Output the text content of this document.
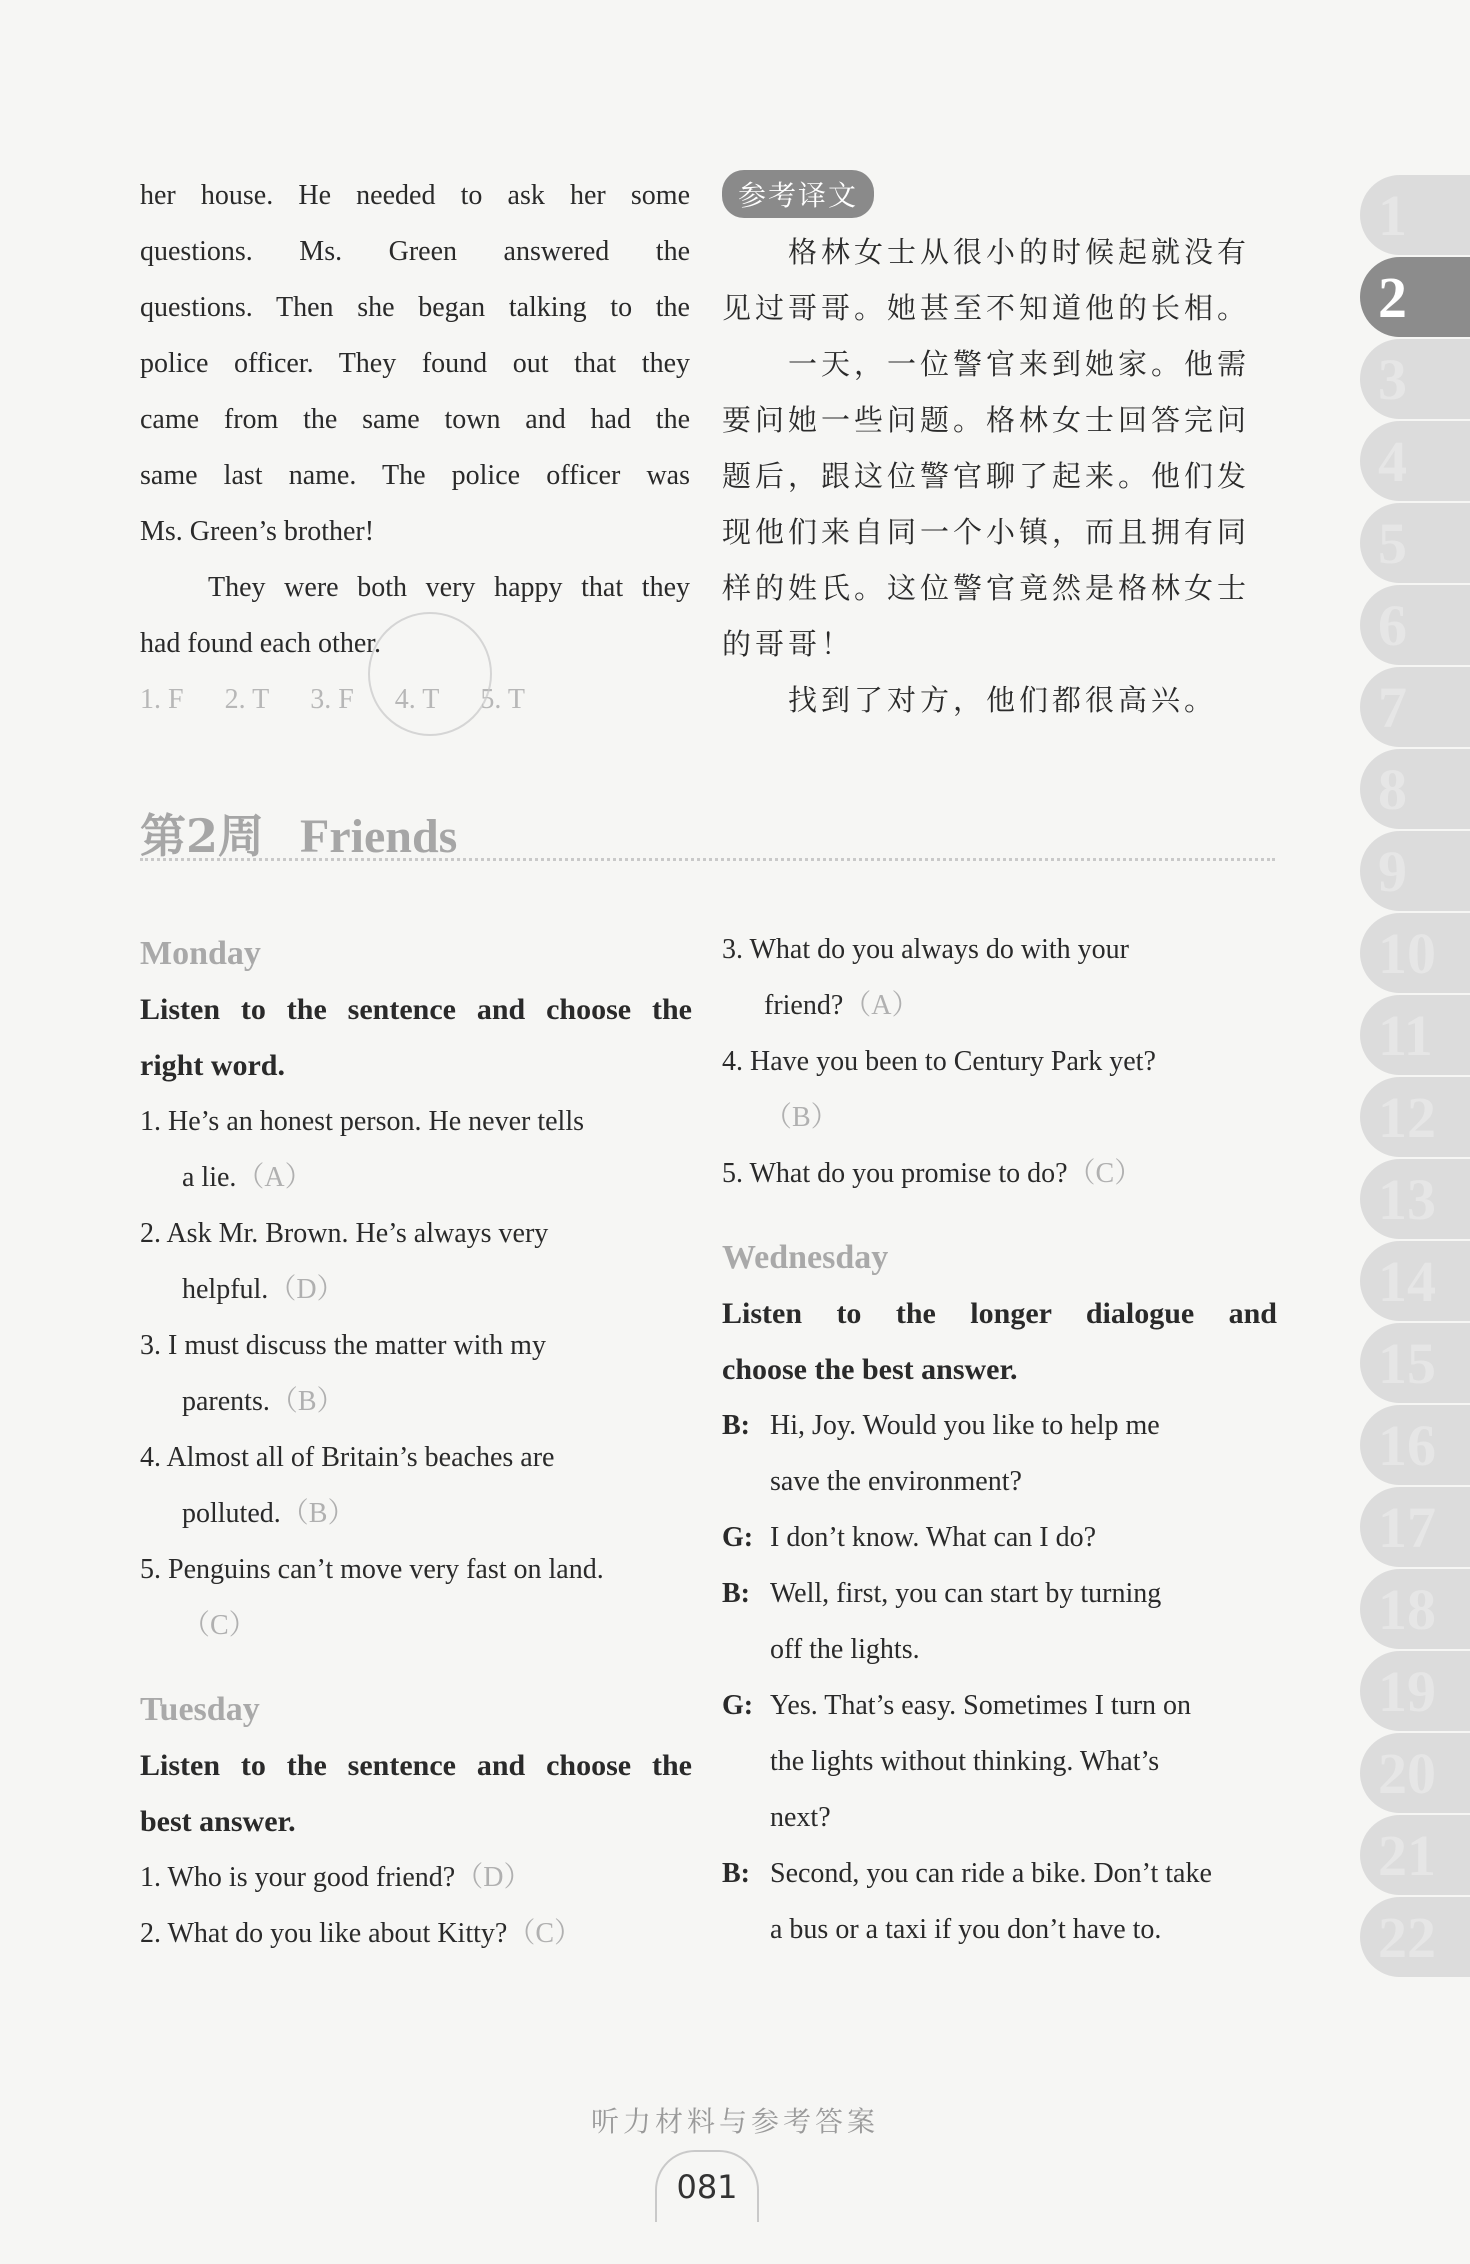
her house. He needed to ask her some

questions. Ms. Green answered the

questions. Then she began talking to the

police officer. They found out that they

came from the same town and had the

same last name. The police officer was

Ms. Green’s brother!

They were both very happy that they

had found each other.

1. F 2. T 3. F 4. T 5. T
参考译文

格林女士从很小的时候起就没有

见过哥哥。她甚至不知道他的长相。

一天，一位警官来到她家。他需

要问她一些问题。格林女士回答完问

题后，跟这位警官聊了起来。他们发

现他们来自同一个小镇，而且拥有同

样的姓氏。这位警官竟然是格林女士

的哥哥！

找到了对方，他们都很高兴。

第2周 Friends

Monday

Listen to the sentence and choose the

right word.

1. He’s an honest person. He never tells
a lie.（A）
2. Ask Mr. Brown. He’s always very
helpful.（D）
3. I must discuss the matter with my
parents.（B）
4. Almost all of Britain’s beaches are
polluted.（B）
5. Penguins can’t move very fast on land.
（C）

Tuesday

Listen to the sentence and choose the

best answer.

1. Who is your good friend?（D）
2. What do you like about Kitty?（C）
3. What do you always do with your
friend?（A）
4. Have you been to Century Park yet?
（B）
5. What do you promise to do?（C）

Wednesday

Listen to the longer dialogue and

choose the best answer.

B: Hi, Joy. Would you like to help me
save the environment?
G: I don’t know. What can I do?
B: Well, first, you can start by turning
off the lights.
G: Yes. That’s easy. Sometimes I turn on
the lights without thinking. What’s
next?
B: Second, you can ride a bike. Don’t take
a bus or a taxi if you don’t have to.
1
2
3
4
5
6
7
8
9
10
11
12
13
14
15
16
17
18
19
20
21
22
听力材料与参考答案
081
